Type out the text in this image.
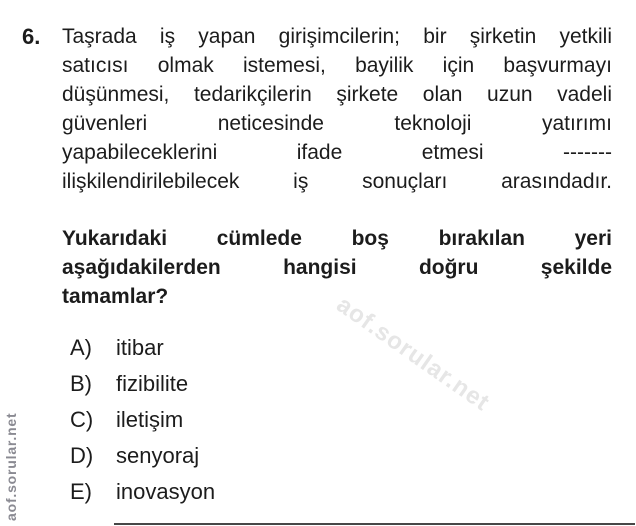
6. Taşrada iş yapan girişimcilerin; bir şirketin yetkili
satıcısı olmak istemesi, bayilik için başvurmayı
düşünmesi, tedarikçilerin şirkete olan uzun vadeli
güvenleri	neticesinde	teknoloji	yatırımı
yapabileceklerini	ifade	etmesi	-------
ilişkilendirilebilecek	iş	sonuçları	arasındadır.
Yukarıdaki cümlede boş bırakılan yeri
aşağıdakilerden	hangisi	doğru	şekilde
tamamlar?
A)	itibar
B)	fizibilite
C)	iletişim
D)	senyoraj
E)	inovasyon
aof.sorular.net
aof.sorular.net
